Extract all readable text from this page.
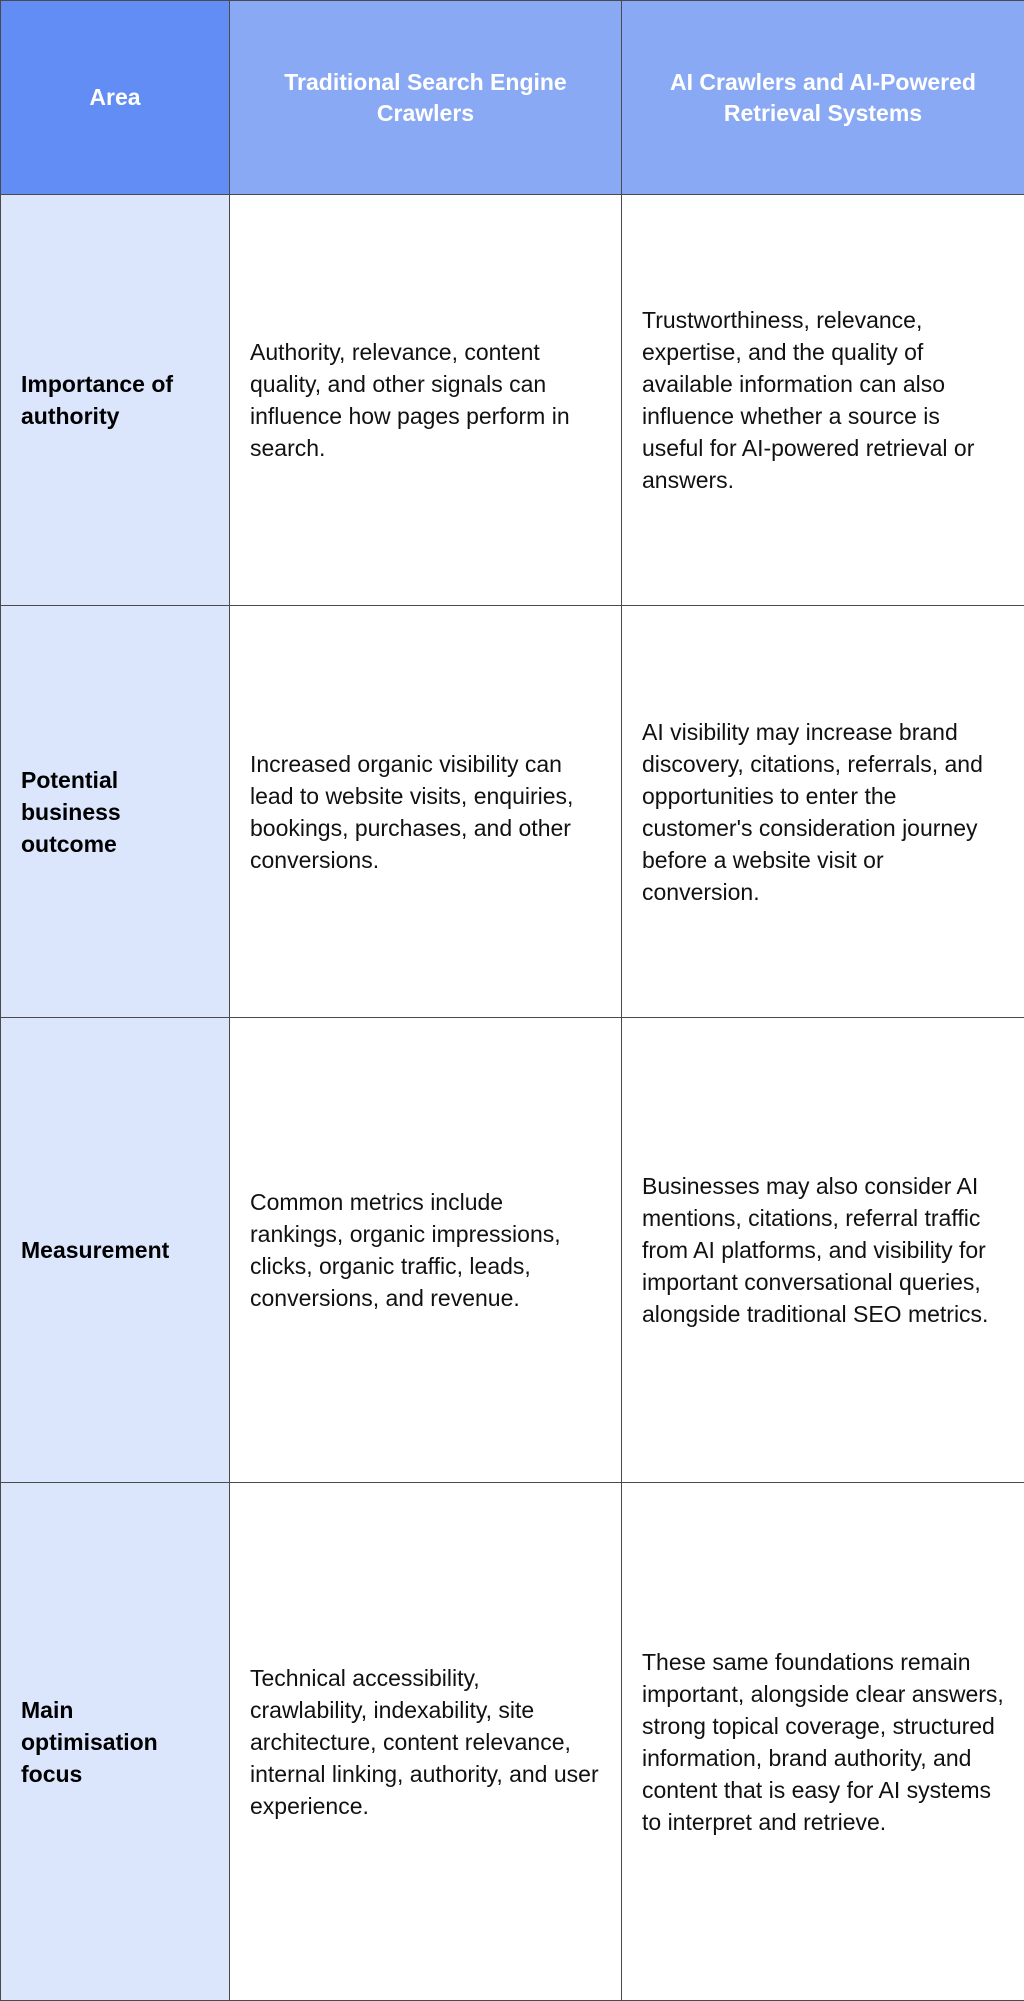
Area	Traditional Search Engine Crawlers	AI Crawlers and AI-Powered Retrieval Systems
Importance of authority	Authority, relevance, content quality, and other signals can influence how pages perform in search.	Trustworthiness, relevance, expertise, and the quality of available information can also influence whether a source is useful for AI-powered retrieval or answers.
Potential business outcome	Increased organic visibility can lead to website visits, enquiries, bookings, purchases, and other conversions.	AI visibility may increase brand discovery, citations, referrals, and opportunities to enter the customer's consideration journey before a website visit or conversion.
Measurement	Common metrics include rankings, organic impressions, clicks, organic traffic, leads, conversions, and revenue.	Businesses may also consider AI mentions, citations, referral traffic from AI platforms, and visibility for important conversational queries, alongside traditional SEO metrics.
Main optimisation focus	Technical accessibility, crawlability, indexability, site architecture, content relevance, internal linking, authority, and user experience.	These same foundations remain important, alongside clear answers, strong topical coverage, structured information, brand authority, and content that is easy for AI systems to interpret and retrieve.
